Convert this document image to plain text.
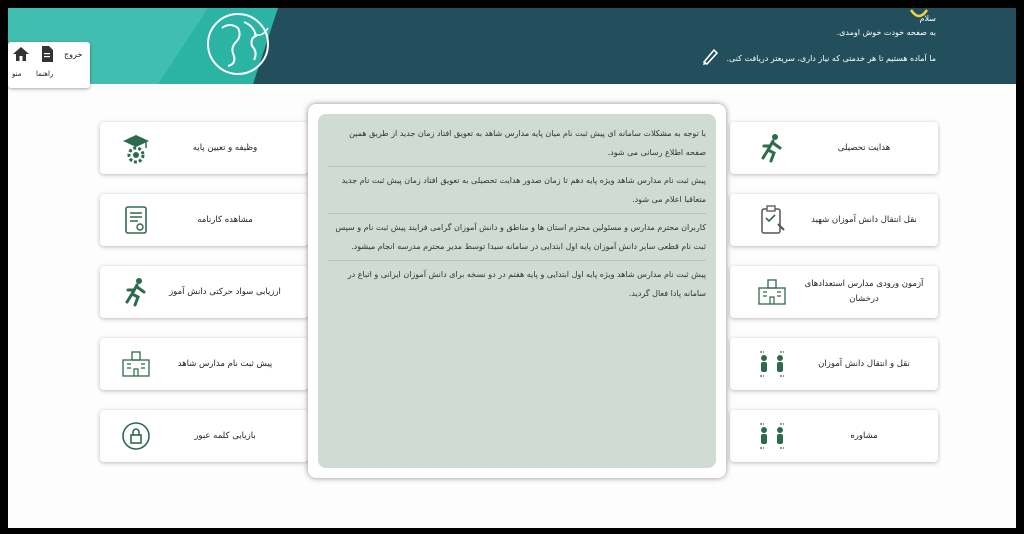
سلام
به صفحه خودت خوش اومدی.
ما آماده هستیم تا هر خدمتی که نیاز داری، سریعتر دریافت کنی.
خروج
راهنما
منو
وظیفه و تعیین پایه
مشاهده کارنامه
ارزیابی سواد حرکتی دانش آموز
پیش ثبت نام مدارس شاهد
بازیابی کلمه عبور
هدایت تحصیلی
نقل انتقال دانش آموزان شهید
آزمون ورودی مدارس استعدادهای درخشان
نقل و انتقال دانش آموزان
مشاوره
با توجه به مشکلات سامانه ای پیش ثبت نام میان پایه مدارس شاهد به تعویق افتاد زمان جدید از طریق همین صفحه اطلاع رسانی می شود.
پیش ثبت نام مدارس شاهد ویژه پایه دهم تا زمان صدور هدایت تحصیلی به تعویق افتاد زمان پیش ثبت نام جدید متعاقبا اعلام می شود.
کاربران محترم مدارس و مسئولین محترم استان ها و مناطق و دانش آموزان گرامی فرایند پیش ثبت نام و سپس ثبت نام قطعی سایر دانش آموزان پایه اول ابتدایی در سامانه سیدا توسط مدیر محترم مدرسه انجام میشود.
پیش ثبت نام مدارس شاهد ویژه پایه اول ابتدایی و پایه هفتم در دو نسخه برای دانش آموزان ایرانی و اتباع در سامانه پادا فعال گردید.
